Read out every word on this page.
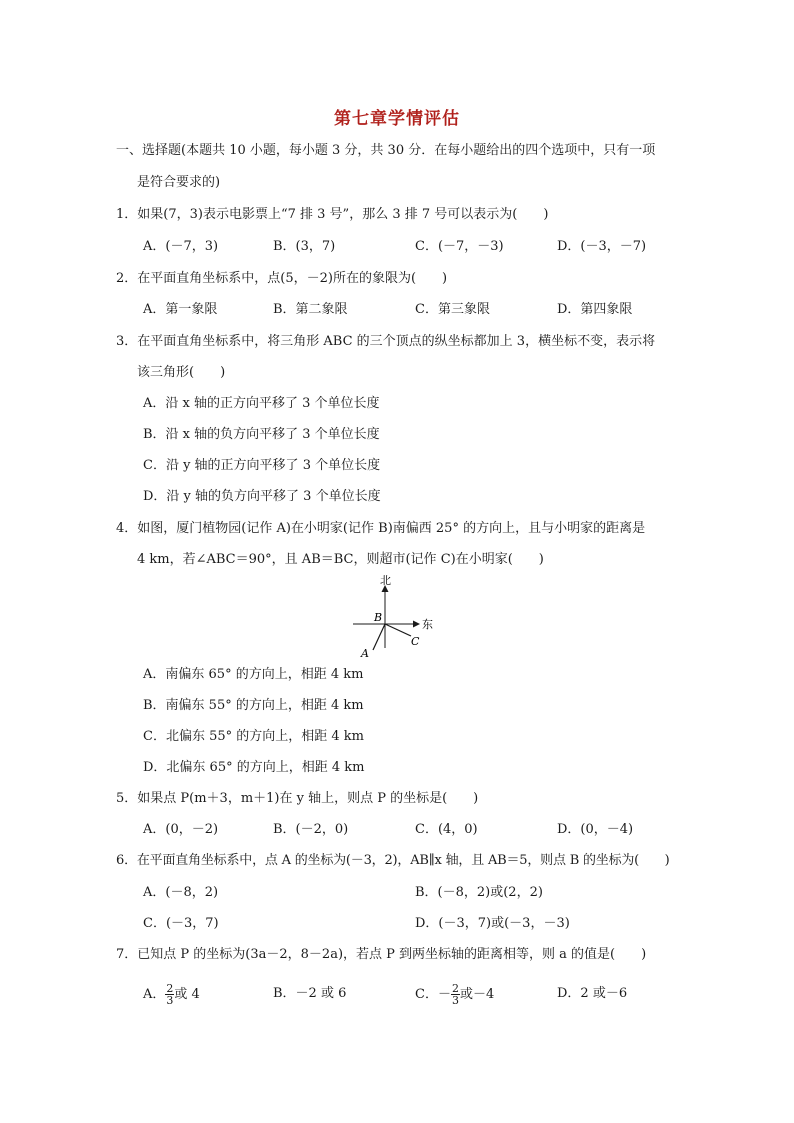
第七章学情评估
一、选择题(本题共 10 小题，每小题 3 分，共 30 分．在每小题给出的四个选项中，只有一项
是符合要求的)
1．如果(7，3)表示电影票上“7 排 3 号”，那么 3 排 7 号可以表示为(　　)
A．(－7，3)	B．(3，7)	C．(－7，－3)	D．(－3，－7)
2．在平面直角坐标系中，点(5，－2)所在的象限为(　　)
A．第一象限	B．第二象限	C．第三象限	D．第四象限
3．在平面直角坐标系中，将三角形 ABC 的三个顶点的纵坐标都加上 3，横坐标不变，表示将
该三角形(　　)
A．沿 x 轴的正方向平移了 3 个单位长度
B．沿 x 轴的负方向平移了 3 个单位长度
C．沿 y 轴的正方向平移了 3 个单位长度
D．沿 y 轴的负方向平移了 3 个单位长度
4．如图，厦门植物园(记作 A)在小明家(记作 B)南偏西 25° 的方向上，且与小明家的距离是
4 km，若∠ABC＝90°，且 AB＝BC，则超市(记作 C)在小明家(　　)
北
东
B
C
A
A．南偏东 65° 的方向上，相距 4 km
B．南偏东 55° 的方向上，相距 4 km
C．北偏东 55° 的方向上，相距 4 km
D．北偏东 65° 的方向上，相距 4 km
5．如果点 P(m＋3，m＋1)在 y 轴上，则点 P 的坐标是(　　)
A．(0，－2)	B．(－2，0)	C．(4，0)	D．(0，－4)
6．在平面直角坐标系中，点 A 的坐标为(－3，2)，AB∥x 轴，且 AB＝5，则点 B 的坐标为(　　)
A．(－8，2)	B．(－8，2)或(2，2)
C．(－3，7)	D．(－3，7)或(－3，－3)
7．已知点 P 的坐标为(3a－2，8－2a)，若点 P 到两坐标轴的距离相等，则 a 的值是(　　)
A． $\frac{2}{3}$ 或 4	B．－2 或 6	C．－ $\frac{2}{3}$ 或－4	D．2 或－6
